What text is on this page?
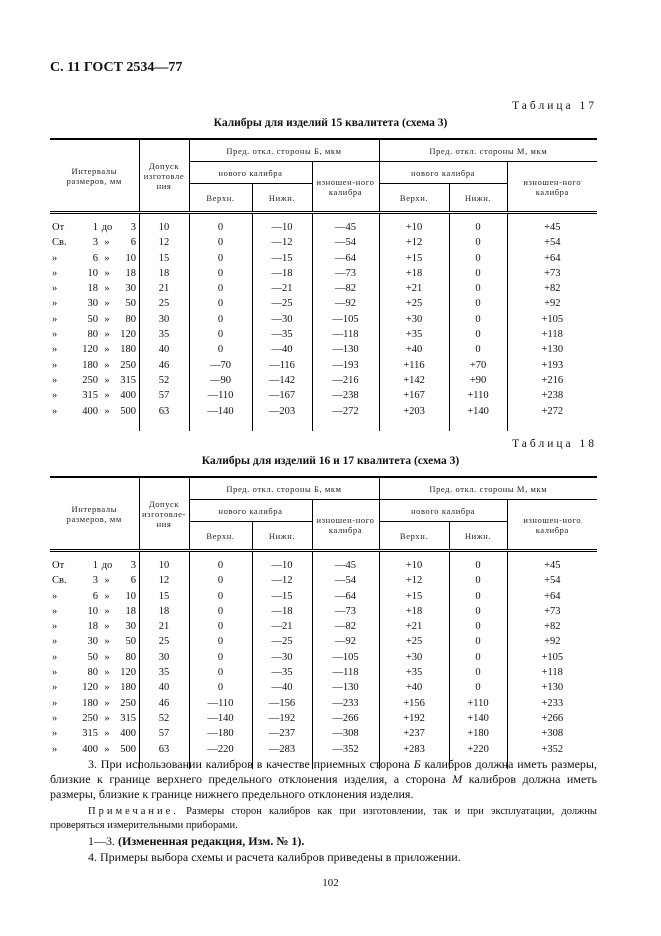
С. 11 ГОСТ 2534—77
Таблица 17
Калибры для изделий 15 квалитета (схема 3)
Интервалы размеров, мм	Допуск изготовле ния	Пред. откл. стороны Б, мкм			Пред. откл. стороны М, мкм		
		нового калибра		изношен-ного калибра	нового калибра		изношен-ного калибра
		Верхн.	Нижн.		Верхн.	Нижн.	
От 1 до 3	10	0	—10	—45	+10	0	+45
Св. 3 » 6	12	0	—12	—54	+12	0	+54
» 6 » 10	15	0	—15	—64	+15	0	+64
» 10 » 18	18	0	—18	—73	+18	0	+73
» 18 » 30	21	0	—21	—82	+21	0	+82
» 30 » 50	25	0	—25	—92	+25	0	+92
» 50 » 80	30	0	—30	—105	+30	0	+105
» 80 » 120	35	0	—35	—118	+35	0	+118
» 120 » 180	40	0	—40	—130	+40	0	+130
» 180 » 250	46	—70	—116	—193	+116	+70	+193
» 250 » 315	52	—90	—142	—216	+142	+90	+216
» 315 » 400	57	—110	—167	—238	+167	+110	+238
» 400 » 500	63	—140	—203	—272	+203	+140	+272

Таблица 18
Калибры для изделий 16 и 17 квалитета (схема 3)
Интервалы размеров, мм	Допуск изготовле-ния	Пред. откл. стороны Б, мкм			Пред. откл. стороны М, мкм		
		нового калибра		изношен-ного калибра	нового калибра		изношен-ного калибра
		Верхн.	Нижн.		Верхн.	Нижн.	
От 1 до 3	10	0	—10	—45	+10	0	+45
Св. 3 » 6	12	0	—12	—54	+12	0	+54
» 6 » 10	15	0	—15	—64	+15	0	+64
» 10 » 18	18	0	—18	—73	+18	0	+73
» 18 » 30	21	0	—21	—82	+21	0	+82
» 30 » 50	25	0	—25	—92	+25	0	+92
» 50 » 80	30	0	—30	—105	+30	0	+105
» 80 » 120	35	0	—35	—118	+35	0	+118
» 120 » 180	40	0	—40	—130	+40	0	+130
» 180 » 250	46	—110	—156	—233	+156	+110	+233
» 250 » 315	52	—140	—192	—266	+192	+140	+266
» 315 » 400	57	—180	—237	—308	+237	+180	+308
» 400 » 500	63	—220	—283	—352	+283	+220	+352

3. При использовании калибров в качестве приемных сторона Б калибров должна иметь размеры, близкие к границе верхнего предельного отклонения изделия, а сторона М калибров должна иметь размеры, близкие к границе нижнего предельного отклонения изделия.
Примечание. Размеры сторон калибров как при изготовлении, так и при эксплуатации, должны проверяться измерительными приборами.
1—3. (Измененная редакция, Изм. № 1).
4. Примеры выбора схемы и расчета калибров приведены в приложении.
102
